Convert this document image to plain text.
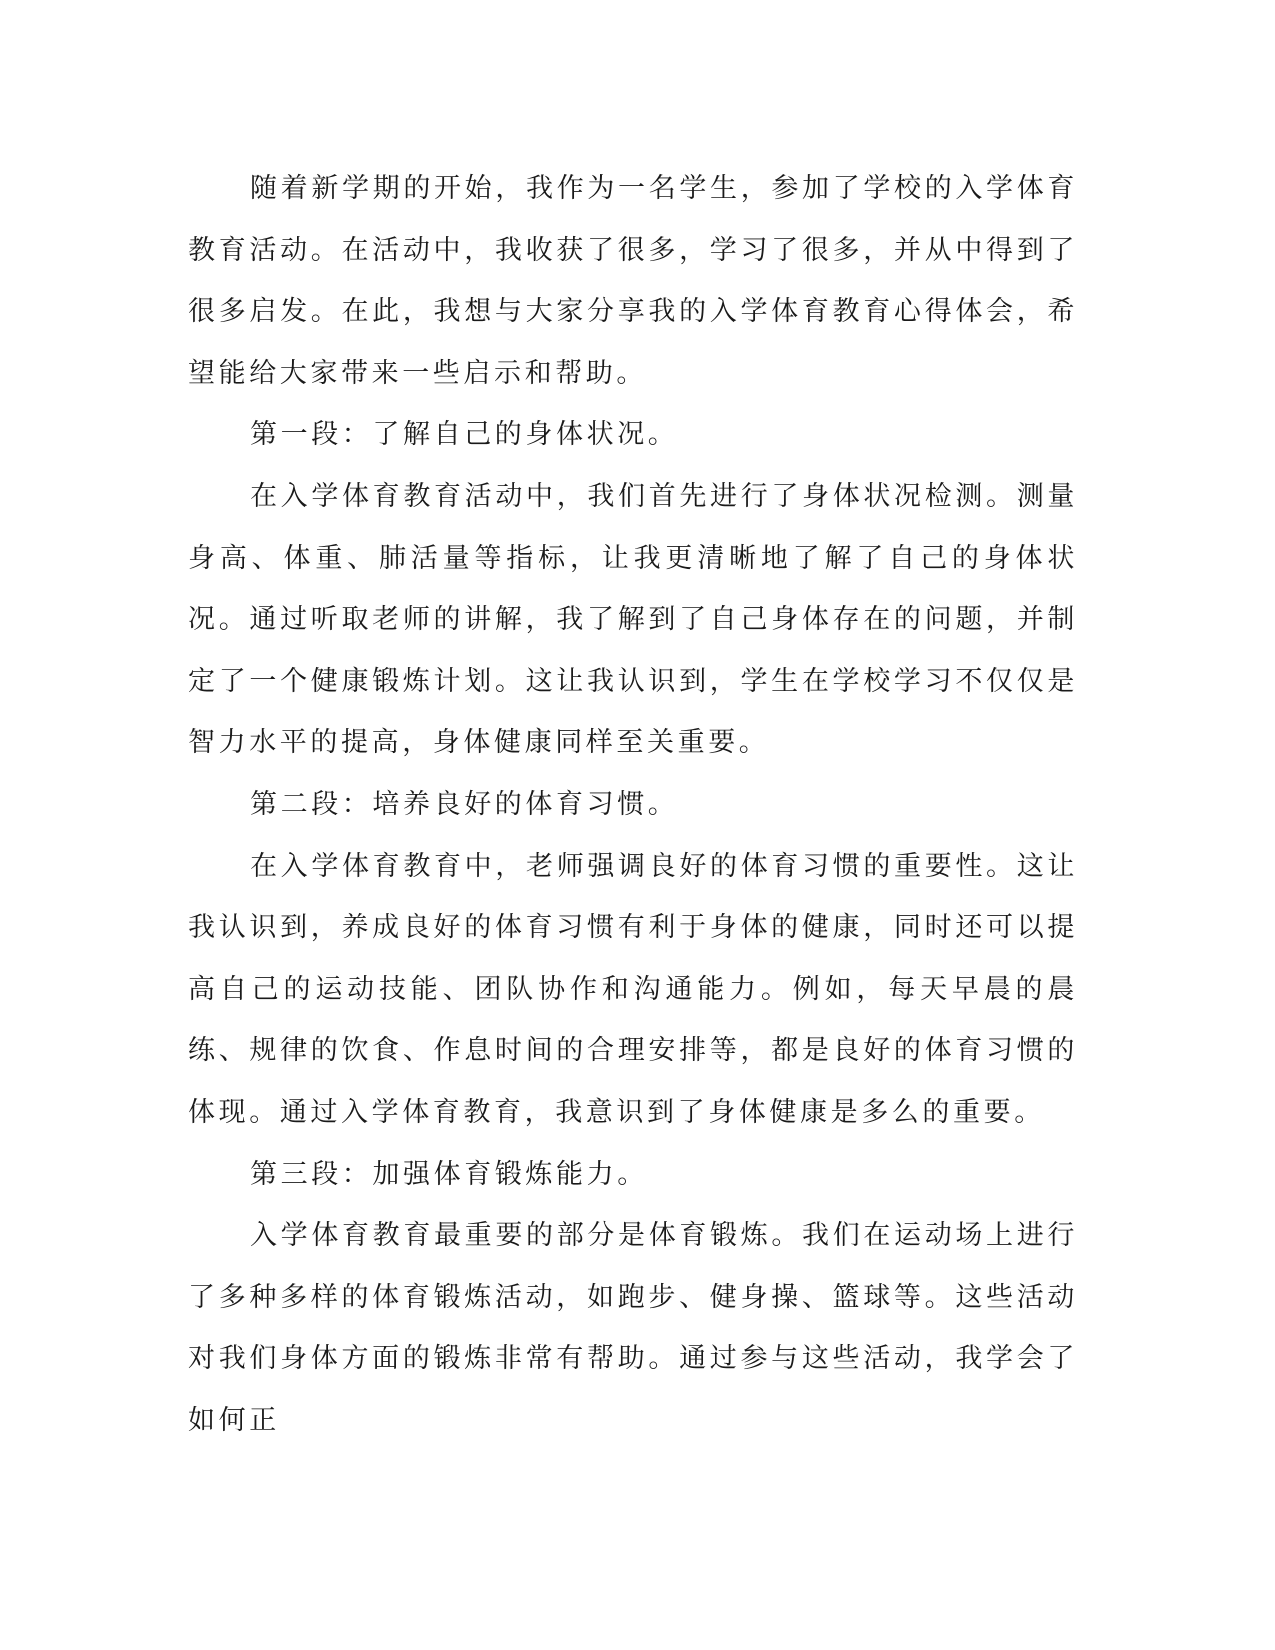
随着新学期的开始，我作为一名学生，参加了学校的入学体育教育活动。在活动中，我收获了很多，学习了很多，并从中得到了很多启发。在此，我想与大家分享我的入学体育教育心得体会，希望能给大家带来一些启示和帮助。

第一段：了解自己的身体状况。

在入学体育教育活动中，我们首先进行了身体状况检测。测量身高、体重、肺活量等指标，让我更清晰地了解了自己的身体状况。通过听取老师的讲解，我了解到了自己身体存在的问题，并制定了一个健康锻炼计划。这让我认识到，学生在学校学习不仅仅是智力水平的提高，身体健康同样至关重要。

第二段：培养良好的体育习惯。

在入学体育教育中，老师强调良好的体育习惯的重要性。这让我认识到，养成良好的体育习惯有利于身体的健康，同时还可以提高自己的运动技能、团队协作和沟通能力。例如，每天早晨的晨练、规律的饮食、作息时间的合理安排等，都是良好的体育习惯的体现。通过入学体育教育，我意识到了身体健康是多么的重要。

第三段：加强体育锻炼能力。

入学体育教育最重要的部分是体育锻炼。我们在运动场上进行了多种多样的体育锻炼活动，如跑步、健身操、篮球等。这些活动对我们身体方面的锻炼非常有帮助。通过参与这些活动，我学会了如何正
